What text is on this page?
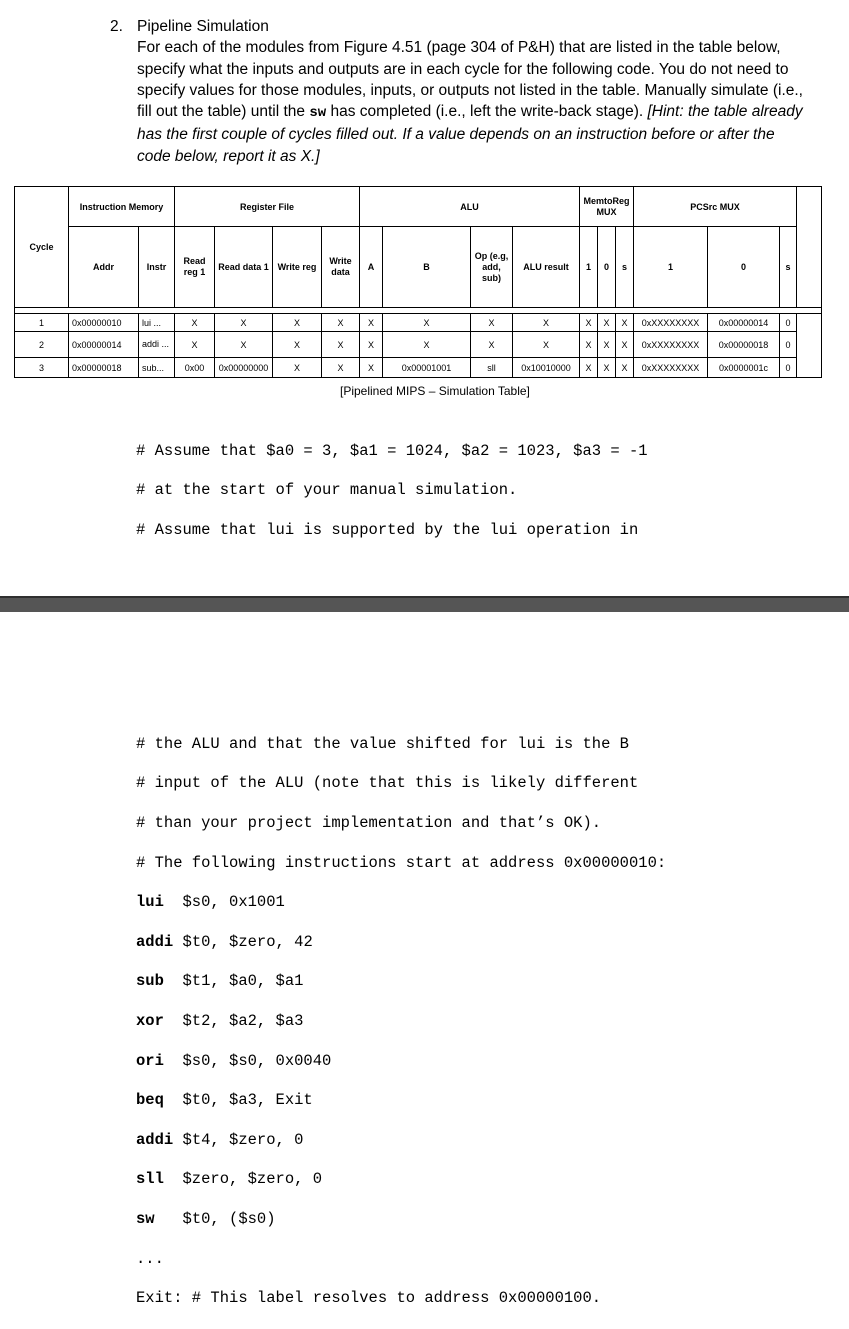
2. Pipeline Simulation
For each of the modules from Figure 4.51 (page 304 of P&H) that are listed in the table below, specify what the inputs and outputs are in each cycle for the following code. You do not need to specify values for those modules, inputs, or outputs not listed in the table. Manually simulate (i.e., fill out the table) until the sw has completed (i.e., left the write-back stage). [Hint: the table already has the first couple of cycles filled out. If a value depends on an instruction before or after the code below, report it as X.]
Cycle	Instruction Memory		Register File				ALU				MemtoReg MUX			PCSrc MUX			
	Addr	Instr	Read reg 1	Read data 1	Write reg	Write data	A	B	Op (e.g, add, sub)	ALU result	1	0	s	1	0	s	

1	0x00000010	lui ...	X	X	X	X	X	X	X	X	X	X	X	0xXXXXXXXX	0x00000014	0	
2	0x00000014	addi ...	X	X	X	X	X	X	X	X	X	X	X	0xXXXXXXXX	0x00000018	0	
3	0x00000018	sub...	0x00	0x00000000	X	X	X	0x00001001	sll	0x10010000	X	X	X	0xXXXXXXXX	0x0000001c	0	
[Pipelined MIPS – Simulation Table]

# Assume that $a0 = 3, $a1 = 1024, $a2 = 1023, $a3 = -1

# at the start of your manual simulation.

# Assume that lui is supported by the lui operation in

# the ALU and that the value shifted for lui is the B

# input of the ALU (note that this is likely different

# than your project implementation and that’s OK).

# The following instructions start at address 0x00000010:

lui  $s0, 0x1001

addi $t0, $zero, 42

sub  $t1, $a0, $a1

xor  $t2, $a2, $a3

ori  $s0, $s0, 0x0040

beq  $t0, $a3, Exit

addi $t4, $zero, 0

sll  $zero, $zero, 0

sw   $t0, ($s0)

...

Exit: # This label resolves to address 0x00000100.
